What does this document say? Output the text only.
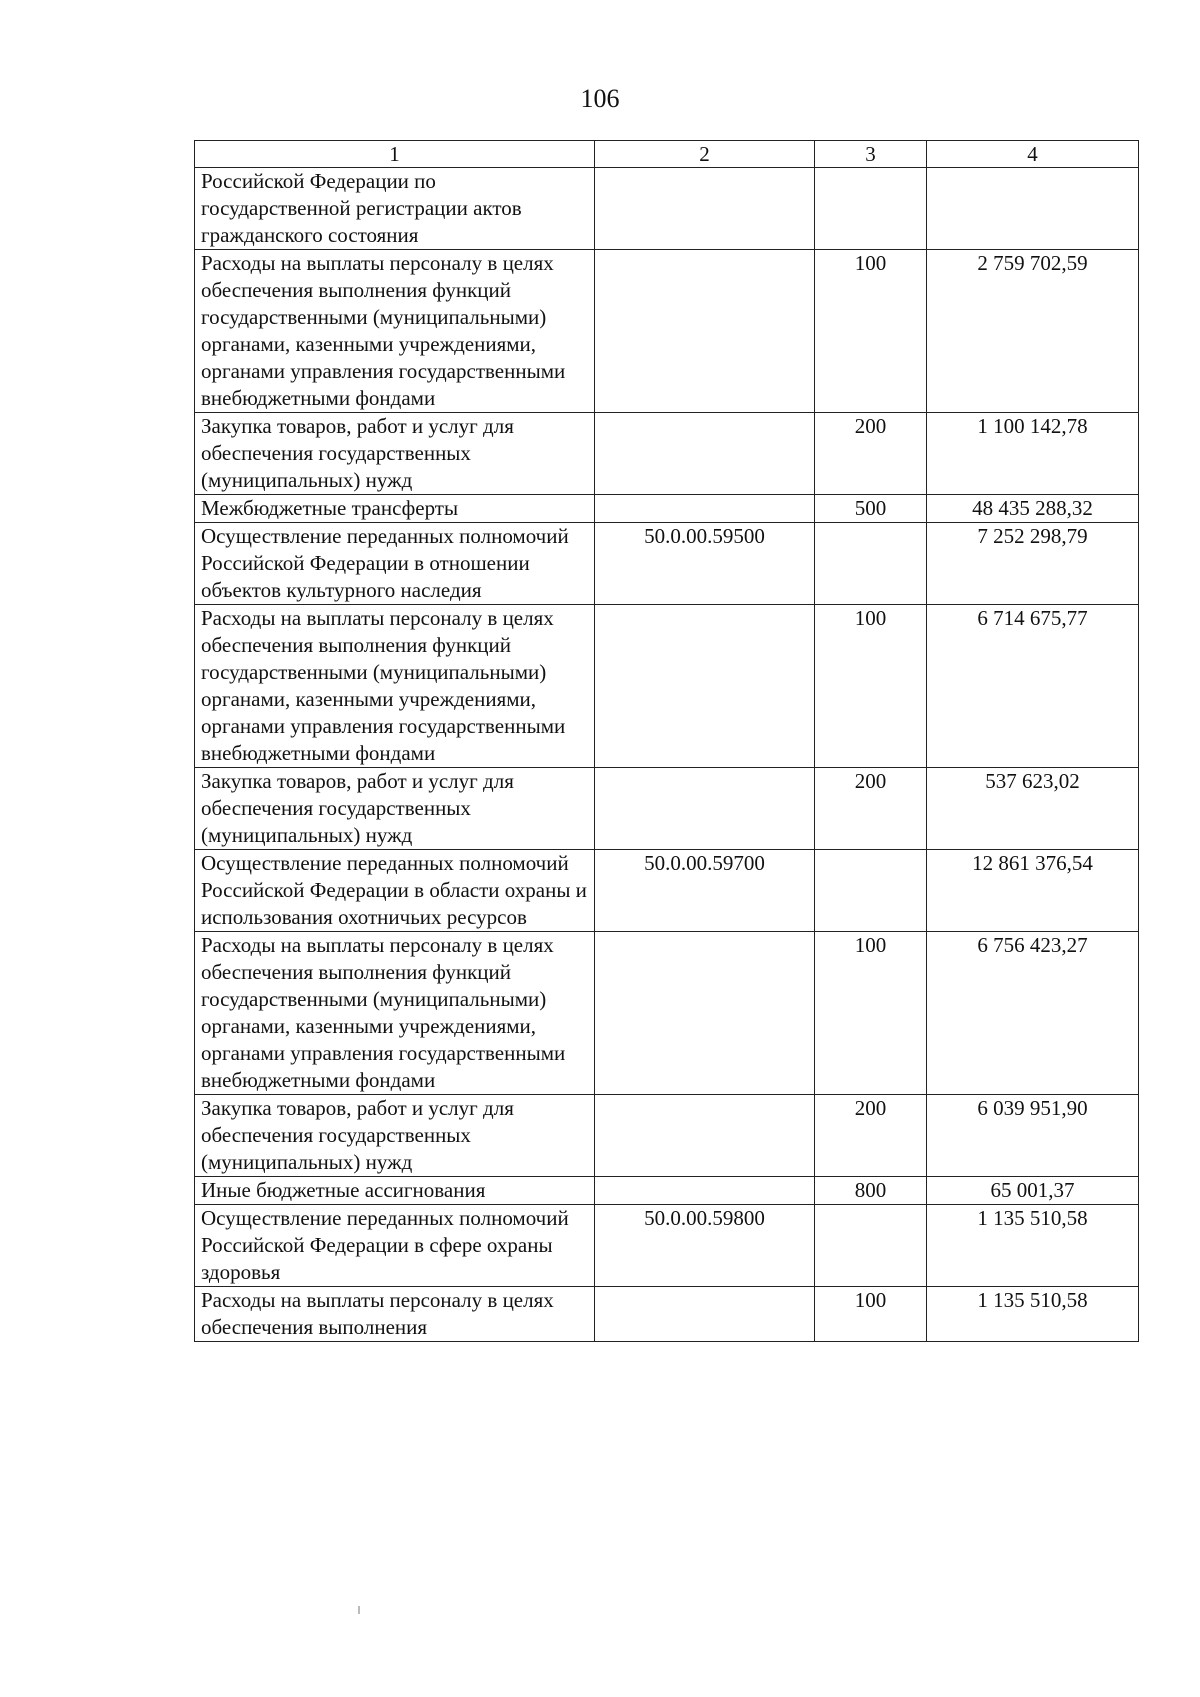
106
1	2	3	4
Российской Федерации по государственной регистрации актов гражданского состояния			
Расходы на выплаты персоналу в целях обеспечения выполнения функций государственными (муниципальными) органами, казенными учреждениями, органами управления государственными внебюджетными фондами		100	2 759 702,59
Закупка товаров, работ и услуг для обеспечения государственных (муниципальных) нужд		200	1 100 142,78
Межбюджетные трансферты		500	48 435 288,32
Осуществление переданных полномочий Российской Федерации в отношении объектов культурного наследия	50.0.00.59500		7 252 298,79
Расходы на выплаты персоналу в целях обеспечения выполнения функций государственными (муниципальными) органами, казенными учреждениями, органами управления государственными внебюджетными фондами		100	6 714 675,77
Закупка товаров, работ и услуг для обеспечения государственных (муниципальных) нужд		200	537 623,02
Осуществление переданных полномочий Российской Федерации в области охраны и использования охотничьих ресурсов	50.0.00.59700		12 861 376,54
Расходы на выплаты персоналу в целях обеспечения выполнения функций государственными (муниципальными) органами, казенными учреждениями, органами управления государственными внебюджетными фондами		100	6 756 423,27
Закупка товаров, работ и услуг для обеспечения государственных (муниципальных) нужд		200	6 039 951,90
Иные бюджетные ассигнования		800	65 001,37
Осуществление переданных полномочий Российской Федерации в сфере охраны здоровья	50.0.00.59800		1 135 510,58
Расходы на выплаты персоналу в целях обеспечения выполнения		100	1 135 510,58
